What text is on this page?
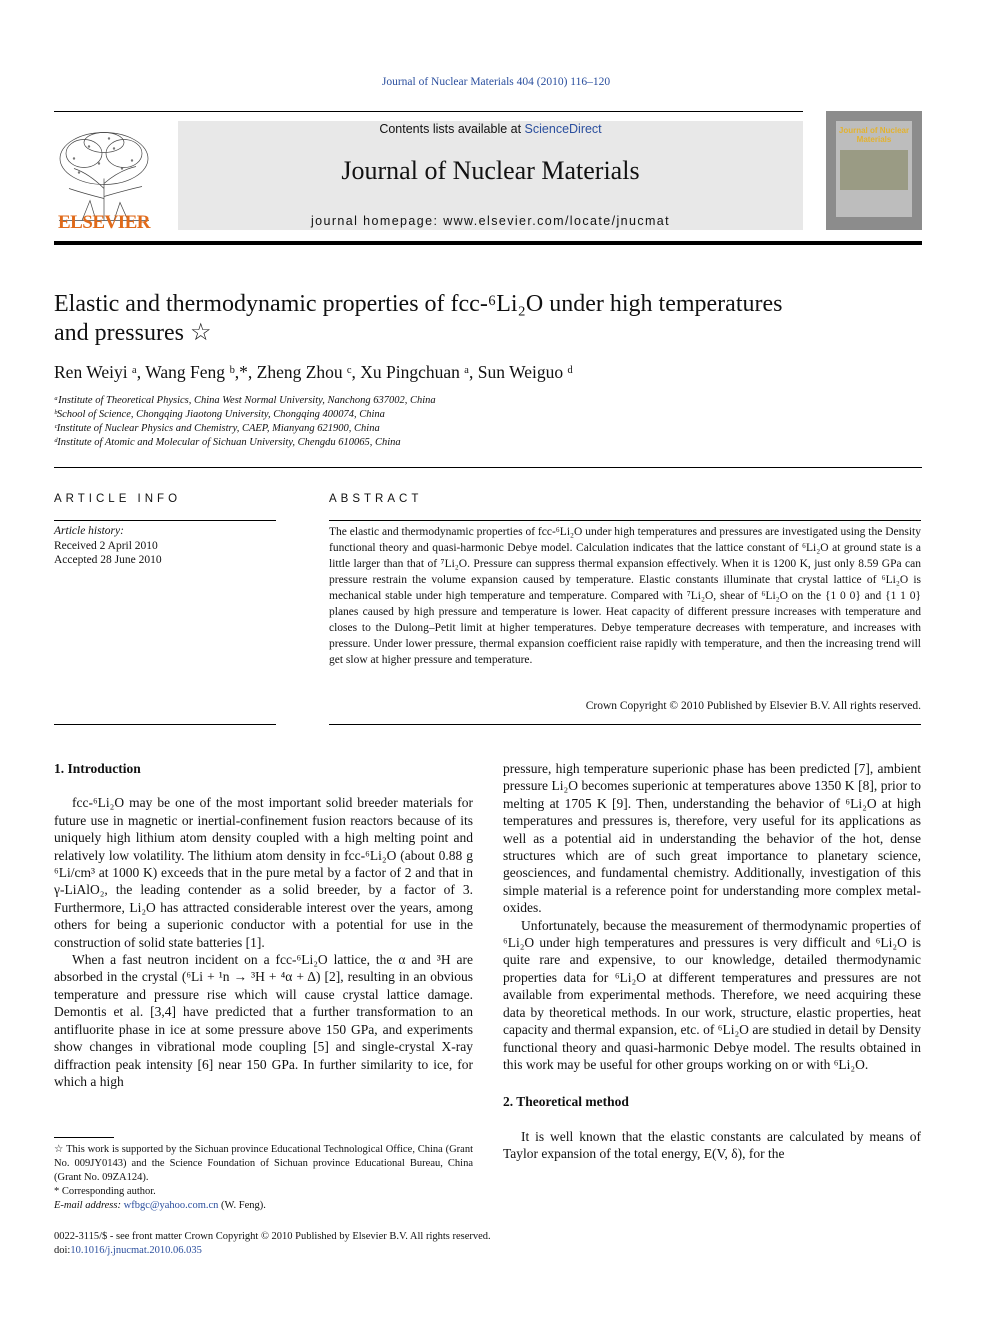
Journal of Nuclear Materials 404 (2010) 116–120
ELSEVIER
Contents lists available at ScienceDirect
Journal of Nuclear Materials
journal homepage: www.elsevier.com/locate/jnucmat
Journal of Nuclear Materials
Elastic and thermodynamic properties of fcc-⁶Li₂O under high temperatures
and pressures ☆
Ren Weiyi ᵃ, Wang Feng ᵇ,*, Zheng Zhou ᶜ, Xu Pingchuan ᵃ, Sun Weiguo ᵈ
ᵃInstitute of Theoretical Physics, China West Normal University, Nanchong 637002, China
ᵇSchool of Science, Chongqing Jiaotong University, Chongqing 400074, China
ᶜInstitute of Nuclear Physics and Chemistry, CAEP, Mianyang 621900, China
ᵈInstitute of Atomic and Molecular of Sichuan University, Chengdu 610065, China
ARTICLE INFO
Article history:
Received 2 April 2010
Accepted 28 June 2010
ABSTRACT
The elastic and thermodynamic properties of fcc-⁶Li₂O under high temperatures and pressures are investigated using the Density functional theory and quasi-harmonic Debye model. Calculation indicates that the lattice constant of ⁶Li₂O at ground state is a little larger than that of ⁷Li₂O. Pressure can suppress thermal expansion effectively. When it is 1200 K, just only 8.59 GPa can pressure restrain the volume expansion caused by temperature. Elastic constants illuminate that crystal lattice of ⁶Li₂O is mechanical stable under high temperature and temperature. Compared with ⁷Li₂O, shear of ⁶Li₂O on the {1 0 0} and {1 1 0} planes caused by high pressure and temperature is lower. Heat capacity of different pressure increases with temperature and closes to the Dulong–Petit limit at higher temperatures. Debye temperature decreases with temperature, and increases with pressure. Under lower pressure, thermal expansion coefficient raise rapidly with temperature, and then the increasing trend will get slow at higher pressure and temperature.
Crown Copyright © 2010 Published by Elsevier B.V. All rights reserved.
1. Introduction

fcc-⁶Li₂O may be one of the most important solid breeder materials for future use in magnetic or inertial-confinement fusion reactors because of its uniquely high lithium atom density coupled with a high melting point and relatively low volatility. The lithium atom density in fcc-⁶Li₂O (about 0.88 g ⁶Li/cm³ at 1000 K) exceeds that in the pure metal by a factor of 2 and that in γ-LiAlO₂, the leading contender as a solid breeder, by a factor of 3. Furthermore, Li₂O has attracted considerable interest over the years, among others for being a superionic conductor with a potential for use in the construction of solid state batteries [1].

When a fast neutron incident on a fcc-⁶Li₂O lattice, the α and ³H are absorbed in the crystal (⁶Li + ¹n → ³H + ⁴α + Δ) [2], resulting in an obvious temperature and pressure rise which will cause crystal lattice damage. Demontis et al. [3,4] have predicted that a further transformation to an antifluorite phase in ice at some pressure above 150 GPa, and experiments show changes in vibrational mode coupling [5] and single-crystal X-ray diffraction peak intensity [6] near 150 GPa. In further similarity to ice, for which a high

pressure, high temperature superionic phase has been predicted [7], ambient pressure Li₂O becomes superionic at temperatures above 1350 K [8], prior to melting at 1705 K [9]. Then, understanding the behavior of ⁶Li₂O at high temperatures and pressures is, therefore, very useful for its applications as well as a potential aid in understanding the behavior of the hot, dense structures which are of such great importance to planetary science, geosciences, and fundamental chemistry. Additionally, investigation of this simple material is a reference point for understanding more complex metal-oxides.

Unfortunately, because the measurement of thermodynamic properties of ⁶Li₂O under high temperatures and pressures is very difficult and ⁶Li₂O is quite rare and expensive, to our knowledge, detailed thermodynamic properties data for ⁶Li₂O at different temperatures and pressures are not available from experimental methods. Therefore, we need acquiring these data by theoretical methods. In our work, structure, elastic properties, heat capacity and thermal expansion, etc. of ⁶Li₂O are studied in detail by Density functional theory and quasi-harmonic Debye model. The results obtained in this work may be useful for other groups working on or with ⁶Li₂O.

2. Theoretical method

It is well known that the elastic constants are calculated by means of Taylor expansion of the total energy, E(V, δ), for the

☆ This work is supported by the Sichuan province Educational Technological Office, China (Grant No. 009JY0143) and the Science Foundation of Sichuan province Educational Bureau, China (Grant No. 09ZA124).
* Corresponding author.
E-mail address: wfbgc@yahoo.com.cn (W. Feng).
0022-3115/$ - see front matter Crown Copyright © 2010 Published by Elsevier B.V. All rights reserved.
doi:10.1016/j.jnucmat.2010.06.035
